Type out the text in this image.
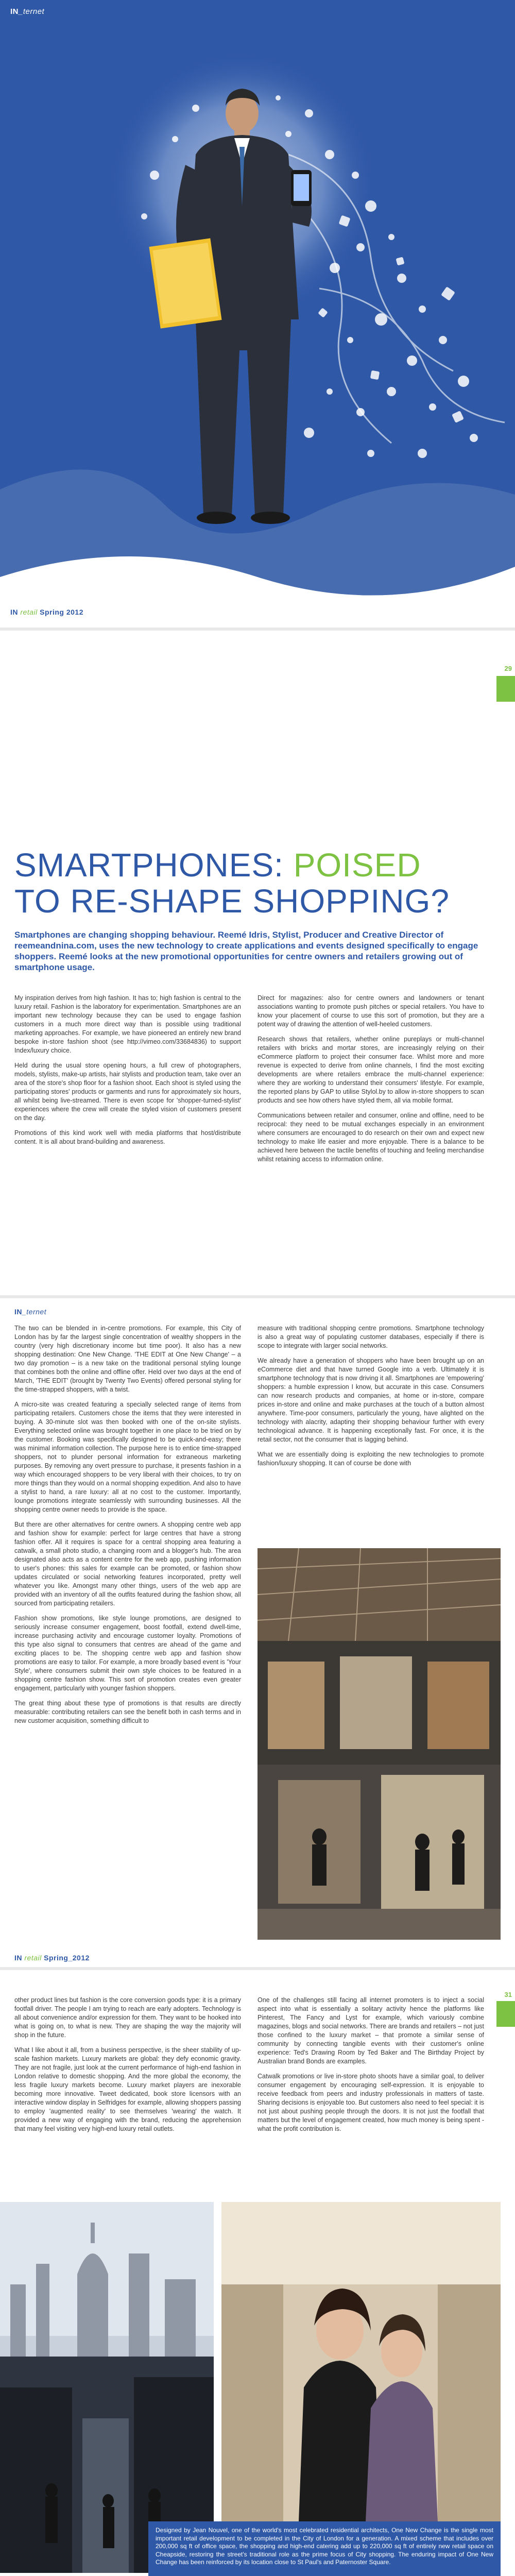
IN_ternet
IN retail Spring 2012
29
SMARTPHONES: POISED
TO RE-SHAPE SHOPPING?
Smartphones are changing shopping behaviour. Reemé Idris, Stylist, Producer and Creative Director of reemeandnina.com, uses the new technology to create applications and events designed specifically to engage shoppers. Reemé looks at the new promotional opportunities for centre owners and retailers growing out of smartphone usage.

My inspiration derives from high fashion. It has to; high fashion is central to the luxury retail. Fashion is the laboratory for experimentation. Smartphones are an important new technology because they can be used to engage fashion customers in a much more direct way than is possible using traditional marketing approaches. For example, we have pioneered an entirely new brand bespoke in-store fashion shoot (see http://vimeo.com/33684836) to support Index/luxury choice.

Held during the usual store opening hours, a full crew of photographers, models, stylists, make-up artists, hair stylists and production team, take over an area of the store's shop floor for a fashion shoot. Each shoot is styled using the participating stores' products or garments and runs for approximately six hours, all whilst being live-streamed. There is even scope for 'shopper-turned-stylist' experiences where the crew will create the styled vision of customers present on the day.

Promotions of this kind work well with media platforms that host/distribute content. It is all about brand-building and awareness.

Direct for magazines: also for centre owners and landowners or tenant associations wanting to promote push pitches or special retailers. You have to know your placement of course to use this sort of promotion, but they are a potent way of drawing the attention of well-heeled customers.

Research shows that retailers, whether online pureplays or multi-channel retailers with bricks and mortar stores, are increasingly relying on their eCommerce platform to project their consumer face. Whilst more and more revenue is expected to derive from online channels, I find the most exciting developments are where retailers embrace the multi-channel experience: where they are working to understand their consumers' lifestyle. For example, the reported plans by GAP to utilise Stylol.by to allow in-store shoppers to scan products and see how others have styled them, all via mobile format.

Communications between retailer and consumer, online and offline, need to be reciprocal: they need to be mutual exchanges especially in an environment where consumers are encouraged to do research on their own and expect new technology to make life easier and more enjoyable. There is a balance to be achieved here between the tactile benefits of touching and feeling merchandise whilst retaining access to information online.

IN_ternet

The two can be blended in in-centre promotions. For example, this City of London has by far the largest single concentration of wealthy shoppers in the country (very high discretionary income but time poor). It also has a new shopping destination: One New Change. 'THE EDIT at One New Change' – a two day promotion – is a new take on the traditional personal styling lounge that combines both the online and offline offer. Held over two days at the end of March, 'THE EDIT' (brought by Twenty Two Events) offered personal styling for the time-strapped shoppers, with a twist.

A micro-site was created featuring a specially selected range of items from participating retailers. Customers chose the items that they were interested in buying. A 30-minute slot was then booked with one of the on-site stylists. Everything selected online was brought together in one place to be tried on by the customer. Booking was specifically designed to be quick-and-easy; there was minimal information collection. The purpose here is to entice time-strapped shoppers, not to plunder personal information for extraneous marketing purposes. By removing any overt pressure to purchase, it presents fashion in a way which encouraged shoppers to be very liberal with their choices, to try on more things than they would on a normal shopping expedition. And also to have a stylist to hand, a rare luxury: all at no cost to the customer. Importantly, lounge promotions integrate seamlessly with surrounding businesses. All the shopping centre owner needs to provide is the space.

But there are other alternatives for centre owners. A shopping centre web app and fashion show for example: perfect for large centres that have a strong fashion offer. All it requires is space for a central shopping area featuring a catwalk, a small photo studio, a changing room and a blogger's hub. The area designated also acts as a content centre for the web app, pushing information to user's phones: this sales for example can be promoted, or fashion show updates circulated or social networking features incorporated, pretty well whatever you like. Amongst many other things, users of the web app are provided with an inventory of all the outfits featured during the fashion show, all sourced from participating retailers.

Fashion show promotions, like style lounge promotions, are designed to seriously increase consumer engagement, boost footfall, extend dwell-time, increase purchasing activity and encourage customer loyalty. Promotions of this type also signal to consumers that centres are ahead of the game and exciting places to be. The shopping centre web app and fashion show promotions are easy to tailor. For example, a more broadly based event is 'Your Style', where consumers submit their own style choices to be featured in a shopping centre fashion show. This sort of promotion creates even greater engagement, particularly with younger fashion shoppers.

The great thing about these type of promotions is that results are directly measurable: contributing retailers can see the benefit both in cash terms and in new customer acquisition, something difficult to

measure with traditional shopping centre promotions. Smartphone technology is also a great way of populating customer databases, especially if there is scope to integrate with larger social networks.

We already have a generation of shoppers who have been brought up on an eCommerce diet and that have turned Google into a verb. Ultimately it is smartphone technology that is now driving it all. Smartphones are 'empowering' shoppers: a humble expression I know, but accurate in this case. Consumers can now research products and companies, at home or in-store, compare prices in-store and online and make purchases at the touch of a button almost anywhere. Time-poor consumers, particularly the young, have alighted on the technology with alacrity, adapting their shopping behaviour further with every technological advance. It is happening exceptionally fast. For once, it is the retail sector, not the consumer that is lagging behind.

What we are essentially doing is exploiting the new technologies to promote fashion/luxury shopping. It can of course be done with

IN retail Spring_2012
31

other product lines but fashion is the core conversion goods type: it is a primary footfall driver. The people I am trying to reach are early adopters. Technology is all about convenience and/or expression for them. They want to be hooked into what is going on, to what is new. They are shaping the way the majority will shop in the future.

What I like about it all, from a business perspective, is the sheer stability of up-scale fashion markets. Luxury markets are global: they defy economic gravity. They are not fragile, just look at the current performance of high-end fashion in London relative to domestic shopping. And the more global the economy, the less fragile luxury markets become. Luxury market players are inexorable becoming more innovative. Tweet dedicated, book store licensors with an interactive window display in Selfridges for example, allowing shoppers passing to employ 'augmented reality' to see themselves 'wearing' the watch. It provided a new way of engaging with the brand, reducing the apprehension that many feel visiting very high-end luxury retail outlets.

One of the challenges still facing all internet promoters is to inject a social aspect into what is essentially a solitary activity hence the platforms like Pinterest, The Fancy and Lyst for example, which variously combine magazines, blogs and social networks. There are brands and retailers – not just those confined to the luxury market – that promote a similar sense of community by connecting tangible events with their customer's online experience: Ted's Drawing Room by Ted Baker and The Birthday Project by Australian brand Bonds are examples.

Catwalk promotions or live in-store photo shoots have a similar goal, to deliver consumer engagement by encouraging self-expression. It is enjoyable to receive feedback from peers and industry professionals in matters of taste. Sharing decisions is enjoyable too. But customers also need to feel special: it is not just about pushing people through the doors. It is not just the footfall that matters but the level of engagement created, how much money is being spent - what the profit contribution is.

Designed by Jean Nouvel, one of the world's most celebrated residential architects, One New Change is the single most important retail development to be completed in the City of London for a generation. A mixed scheme that includes over 200,000 sq ft of office space, the shopping and high-end catering add up to 220,000 sq ft of entirely new retail space on Cheapside, restoring the street's traditional role as the prime focus of City shopping. The enduring impact of One New Change has been reinforced by its location close to St Paul's and Paternoster Square.
